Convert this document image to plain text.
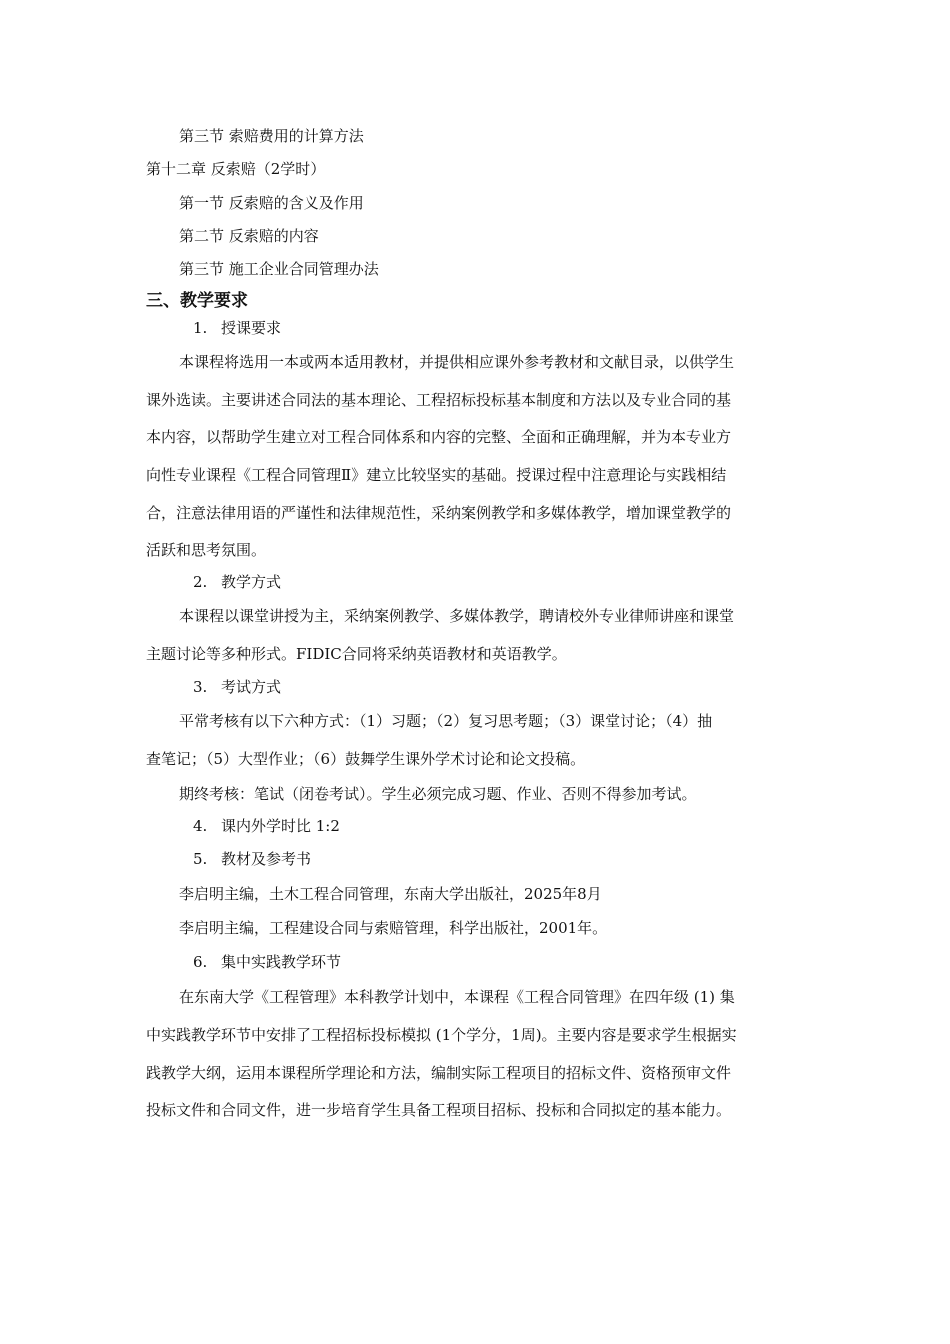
第三节 索赔费用的计算方法
第十二章 反索赔（2学时）
第一节 反索赔的含义及作用
第二节 反索赔的内容
第三节 施工企业合同管理办法
三、教学要求
1. 授课要求
本课程将选用一本或两本适用教材，并提供相应课外参考教材和文献目录，以供学生
课外选读。主要讲述合同法的基本理论、工程招标投标基本制度和方法以及专业合同的基
本内容，以帮助学生建立对工程合同体系和内容的完整、全面和正确理解，并为本专业方
向性专业课程《工程合同管理Ⅱ》建立比较坚实的基础。授课过程中注意理论与实践相结
合，注意法律用语的严谨性和法律规范性，采纳案例教学和多媒体教学，增加课堂教学的
活跃和思考氛围。
2. 教学方式
本课程以课堂讲授为主，采纳案例教学、多媒体教学，聘请校外专业律师讲座和课堂
主题讨论等多种形式。FIDIC合同将采纳英语教材和英语教学。
3. 考试方式
平常考核有以下六种方式：（1）习题；（2）复习思考题；（3）课堂讨论；（4）抽
查笔记；（5）大型作业；（6）鼓舞学生课外学术讨论和论文投稿。
期终考核：笔试（闭卷考试）。学生必须完成习题、作业、否则不得参加考试。
4. 课内外学时比 1:2
5. 教材及参考书
李启明主编，土木工程合同管理，东南大学出版社，2025年8月
李启明主编，工程建设合同与索赔管理，科学出版社，2001年。
6. 集中实践教学环节
在东南大学《工程管理》本科教学计划中，本课程《工程合同管理》在四年级 (1) 集
中实践教学环节中安排了工程招标投标模拟 (1个学分，1周)。主要内容是要求学生根据实
践教学大纲，运用本课程所学理论和方法，编制实际工程项目的招标文件、资格预审文件
投标文件和合同文件，进一步培育学生具备工程项目招标、投标和合同拟定的基本能力。
